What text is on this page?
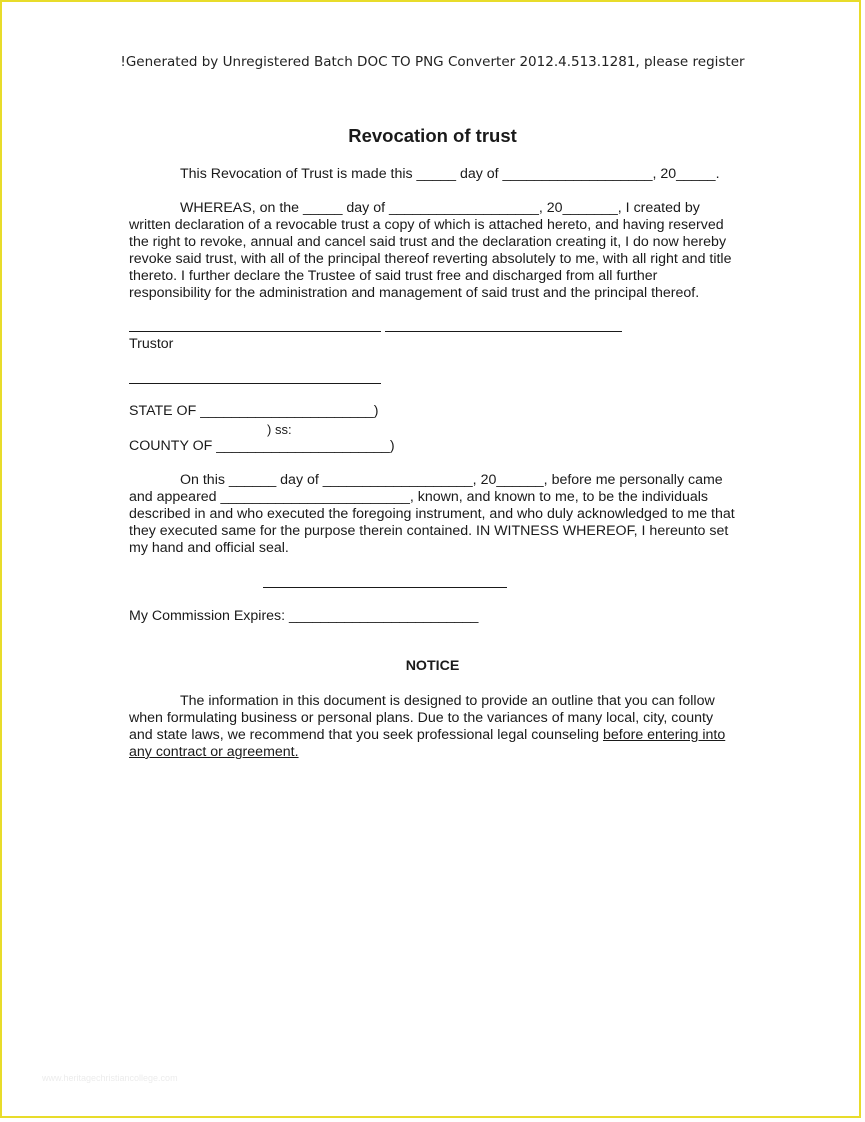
!Generated by Unregistered Batch DOC TO PNG Converter 2012.4.513.1281, please register
Revocation of trust
This Revocation of Trust is made this _____ day of ___________________, 20_____.
WHEREAS, on the _____ day of ___________________, 20_______, I created by
written declaration of a revocable trust a copy of which is attached hereto, and having reserved
the right to revoke, annual and cancel said trust and the declaration creating it, I do now hereby
revoke said trust, with all of the principal thereof reverting absolutely to me, with all right and title
thereto. I further declare the Trustee of said trust free and discharged from all further
responsibility for the administration and management of said trust and the principal thereof.
Trustor
STATE OF ______________________)
) ss:
COUNTY OF ______________________)
On this ______ day of ___________________, 20______, before me personally came
and appeared ________________________, known, and known to me, to be the individuals
described in and who executed the foregoing instrument, and who duly acknowledged to me that
they executed same for the purpose therein contained. IN WITNESS WHEREOF, I hereunto set
my hand and official seal.
My Commission Expires: ________________________
NOTICE
The information in this document is designed to provide an outline that you can follow
when formulating business or personal plans. Due to the variances of many local, city, county
and state laws, we recommend that you seek professional legal counseling before entering into
any contract or agreement.
www.heritagechristiancollege.com
